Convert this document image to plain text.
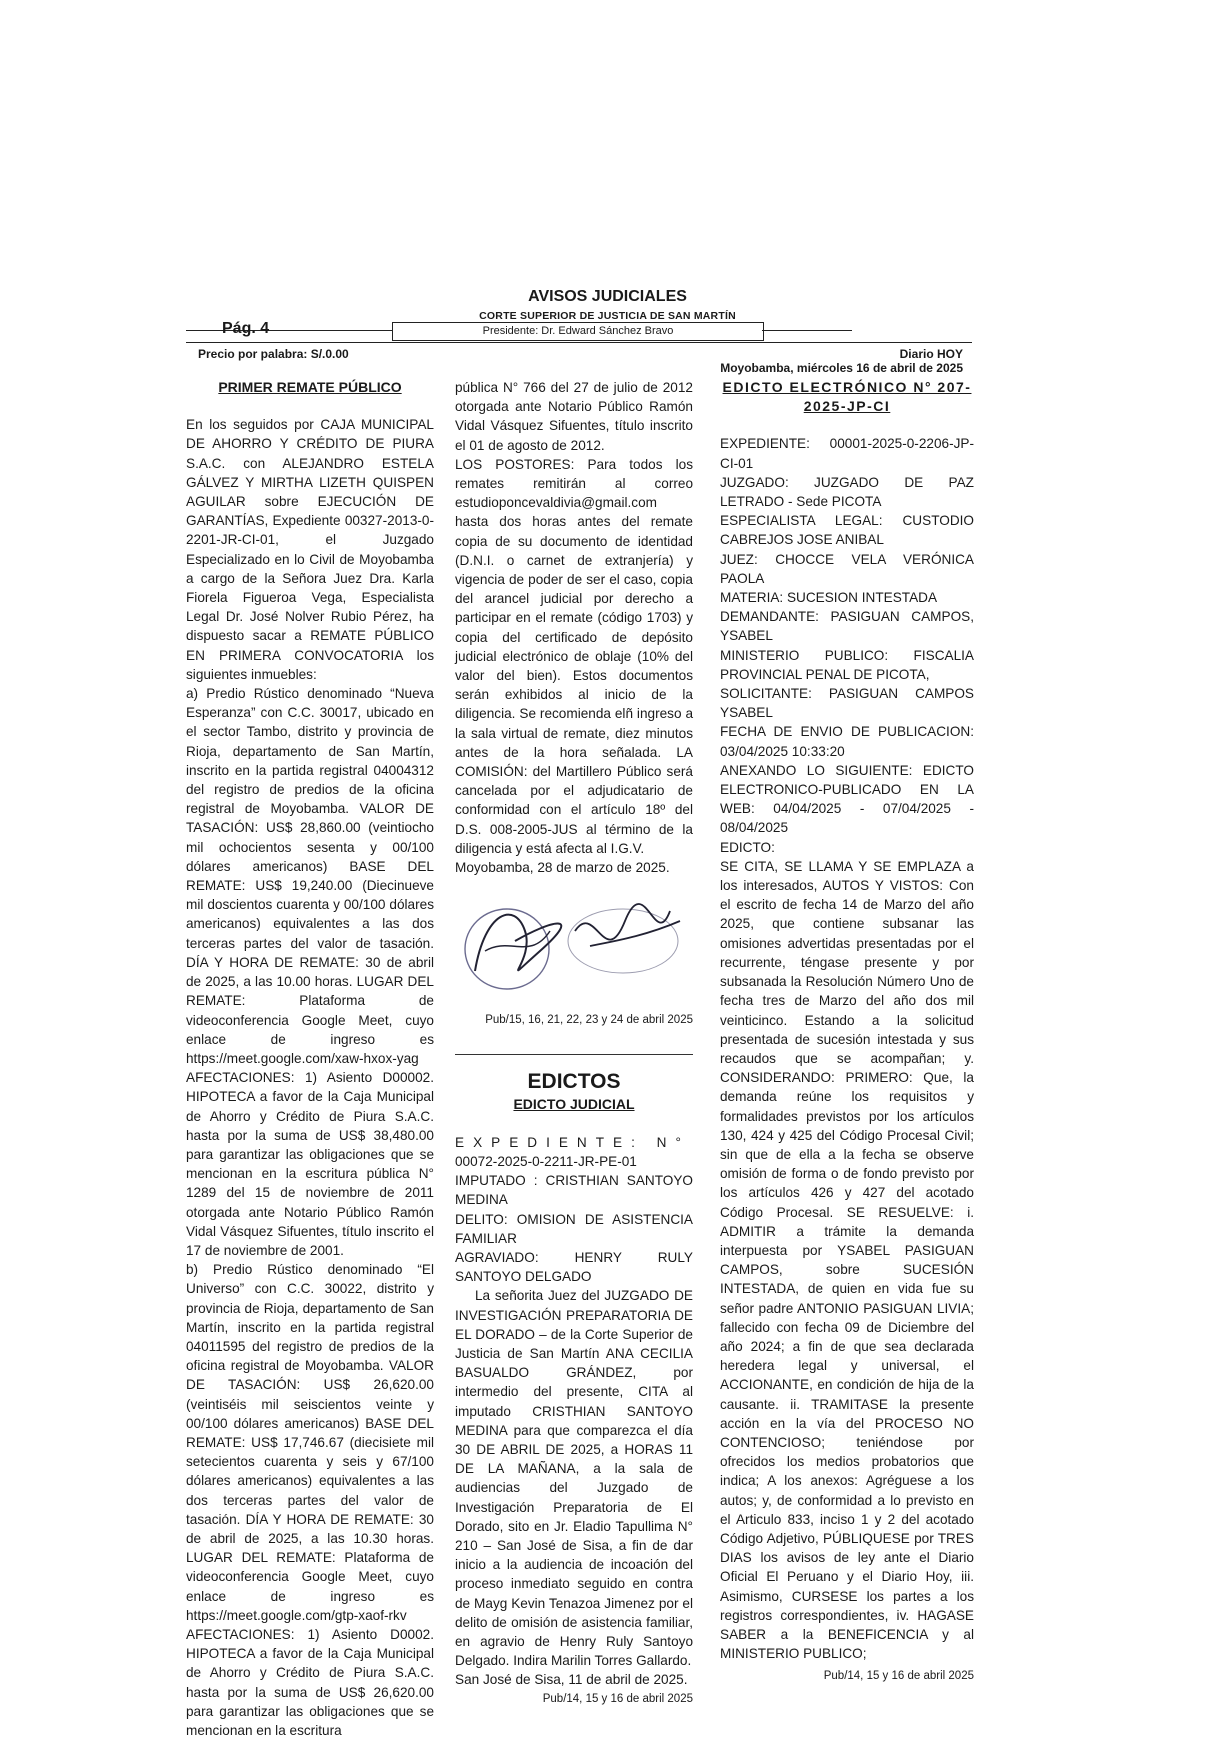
AVISOS JUDICIALES
CORTE SUPERIOR DE JUSTICIA DE SAN MARTÍN
Presidente: Dr. Edward Sánchez Bravo
Pág. 4
Precio por palabra: S/.0.00	Diario HOY
Moyobamba, miércoles 16 de abril de 2025

PRIMER REMATE PÚBLICO

En los seguidos por CAJA MUNICIPAL DE AHORRO Y CRÉDITO DE PIURA S.A.C. con ALEJANDRO ESTELA GÁLVEZ Y MIRTHA LIZETH QUISPEN AGUILAR sobre EJECUCIÓN DE GARANTÍAS, Expediente 00327-2013-0-2201-JR-CI-01, el Juzgado Especializado en lo Civil de Moyobamba a cargo de la Señora Juez Dra. Karla Fiorela Figueroa Vega, Especialista Legal Dr. José Nolver Rubio Pérez, ha dispuesto sacar a REMATE PÚBLICO EN PRIMERA CONVOCATORIA los siguientes inmuebles:

a) Predio Rústico denominado “Nueva Esperanza” con C.C. 30017, ubicado en el sector Tambo, distrito y provincia de Rioja, departamento de San Martín, inscrito en la partida registral 04004312 del registro de predios de la oficina registral de Moyobamba. VALOR DE TASACIÓN: US$ 28,860.00 (veintiocho mil ochocientos sesenta y 00/100 dólares americanos) BASE DEL REMATE: US$ 19,240.00 (Diecinueve mil doscientos cuarenta y 00/100 dólares americanos) equivalentes a las dos terceras partes del valor de tasación. DÍA Y HORA DE REMATE: 30 de abril de 2025, a las 10.00 horas. LUGAR DEL REMATE: Plataforma de videoconferencia Google Meet, cuyo enlace de ingreso es https://meet.google.com/xaw-hxox-yag AFECTACIONES: 1) Asiento D00002. HIPOTECA a favor de la Caja Municipal de Ahorro y Crédito de Piura S.A.C. hasta por la suma de US$ 38,480.00 para garantizar las obligaciones que se mencionan en la escritura pública N° 1289 del 15 de noviembre de 2011 otorgada ante Notario Público Ramón Vidal Vásquez Sifuentes, título inscrito el 17 de noviembre de 2001.

b) Predio Rústico denominado “El Universo” con C.C. 30022, distrito y provincia de Rioja, departamento de San Martín, inscrito en la partida registral 04011595 del registro de predios de la oficina registral de Moyobamba. VALOR DE TASACIÓN: US$ 26,620.00 (veintiséis mil seiscientos veinte y 00/100 dólares americanos) BASE DEL REMATE: US$ 17,746.67 (diecisiete mil setecientos cuarenta y seis y 67/100 dólares americanos) equivalentes a las dos terceras partes del valor de tasación. DÍA Y HORA DE REMATE: 30 de abril de 2025, a las 10.30 horas. LUGAR DEL REMATE: Plataforma de videoconferencia Google Meet, cuyo enlace de ingreso es https://meet.google.com/gtp-xaof-rkv AFECTACIONES: 1) Asiento D0002. HIPOTECA a favor de la Caja Municipal de Ahorro y Crédito de Piura S.A.C. hasta por la suma de US$ 26,620.00 para garantizar las obligaciones que se mencionan en la escritura

pública N° 766 del 27 de julio de 2012 otorgada ante Notario Público Ramón Vidal Vásquez Sifuentes, título inscrito el 01 de agosto de 2012.

LOS POSTORES: Para todos los remates remitirán al correo estudioponcevaldivia@gmail.com hasta dos horas antes del remate copia de su documento de identidad (D.N.I. o carnet de extranjería) y vigencia de poder de ser el caso, copia del arancel judicial por derecho a participar en el remate (código 1703) y copia del certificado de depósito judicial electrónico de oblaje (10% del valor del bien). Estos documentos serán exhibidos al inicio de la diligencia. Se recomienda elñ ingreso a la sala virtual de remate, diez minutos antes de la hora señalada. LA COMISIÓN: del Martillero Público será cancelada por el adjudicatario de conformidad con el artículo 18º del D.S. 008-2005-JUS al término de la diligencia y está afecta al I.G.V.

Moyobamba, 28 de marzo de 2025.

Pub/15, 16, 21, 22, 23 y 24 de abril 2025

EDICTOS

EDICTO JUDICIAL

EXPEDIENTE: N°

00072-2025-0-2211-JR-PE-01

IMPUTADO : CRISTHIAN SANTOYO MEDINA

DELITO: OMISION DE ASISTENCIA FAMILIAR

AGRAVIADO: HENRY RULY SANTOYO DELGADO

La señorita Juez del JUZGADO DE INVESTIGACIÓN PREPARATORIA DE EL DORADO – de la Corte Superior de Justicia de San Martín ANA CECILIA BASUALDO GRÁNDEZ, por intermedio del presente, CITA al imputado CRISTHIAN SANTOYO MEDINA para que comparezca el día 30 DE ABRIL DE 2025, a HORAS 11 DE LA MAÑANA, a la sala de audiencias del Juzgado de Investigación Preparatoria de El Dorado, sito en Jr. Eladio Tapullima N° 210 – San José de Sisa, a fin de dar inicio a la audiencia de incoación del proceso inmediato seguido en contra de Mayg Kevin Tenazoa Jimenez por el delito de omisión de asistencia familiar, en agravio de Henry Ruly Santoyo Delgado. Indira Marilin Torres Gallardo.

San José de Sisa, 11 de abril de 2025.

Pub/14, 15 y 16 de abril 2025

EDICTO ELECTRÓNICO N° 207-2025-JP-CI

EXPEDIENTE: 00001-2025-0-2206-JP-CI-01

JUZGADO: JUZGADO DE PAZ LETRADO - Sede PICOTA

ESPECIALISTA LEGAL: CUSTODIO CABREJOS JOSE ANIBAL

JUEZ: CHOCCE VELA VERÓNICA PAOLA

MATERIA: SUCESION INTESTADA

DEMANDANTE: PASIGUAN CAMPOS, YSABEL

MINISTERIO PUBLICO: FISCALIA PROVINCIAL PENAL DE PICOTA,

SOLICITANTE: PASIGUAN CAMPOS YSABEL

FECHA DE ENVIO DE PUBLICACION: 03/04/2025 10:33:20

ANEXANDO LO SIGUIENTE: EDICTO ELECTRONICO-PUBLICADO EN LA WEB: 04/04/2025 - 07/04/2025 - 08/04/2025

EDICTO:

SE CITA, SE LLAMA Y SE EMPLAZA a los interesados, AUTOS Y VISTOS: Con el escrito de fecha 14 de Marzo del año 2025, que contiene subsanar las omisiones advertidas presentadas por el recurrente, téngase presente y por subsanada la Resolución Número Uno de fecha tres de Marzo del año dos mil veinticinco. Estando a la solicitud presentada de sucesión intestada y sus recaudos que se acompañan; y. CONSIDERANDO: PRIMERO: Que, la demanda reúne los requisitos y formalidades previstos por los artículos 130, 424 y 425 del Código Procesal Civil; sin que de ella a la fecha se observe omisión de forma o de fondo previsto por los artículos 426 y 427 del acotado Código Procesal. SE RESUELVE: i. ADMITIR a trámite la demanda interpuesta por YSABEL PASIGUAN CAMPOS, sobre SUCESIÓN INTESTADA, de quien en vida fue su señor padre ANTONIO PASIGUAN LIVIA; fallecido con fecha 09 de Diciembre del año 2024; a fin de que sea declarada heredera legal y universal, el ACCIONANTE, en condición de hija de la causante. ii. TRAMITASE la presente acción en la vía del PROCESO NO CONTENCIOSO; teniéndose por ofrecidos los medios probatorios que indica; A los anexos: Agréguese a los autos; y, de conformidad a lo previsto en el Articulo 833, inciso 1 y 2 del acotado Código Adjetivo, PÚBLIQUESE por TRES DIAS los avisos de ley ante el Diario Oficial El Peruano y el Diario Hoy, iii. Asimismo, CURSESE los partes a los registros correspondientes, iv. HAGASE SABER a la BENEFICENCIA y al MINISTERIO PUBLICO;

Pub/14, 15 y 16 de abril 2025
